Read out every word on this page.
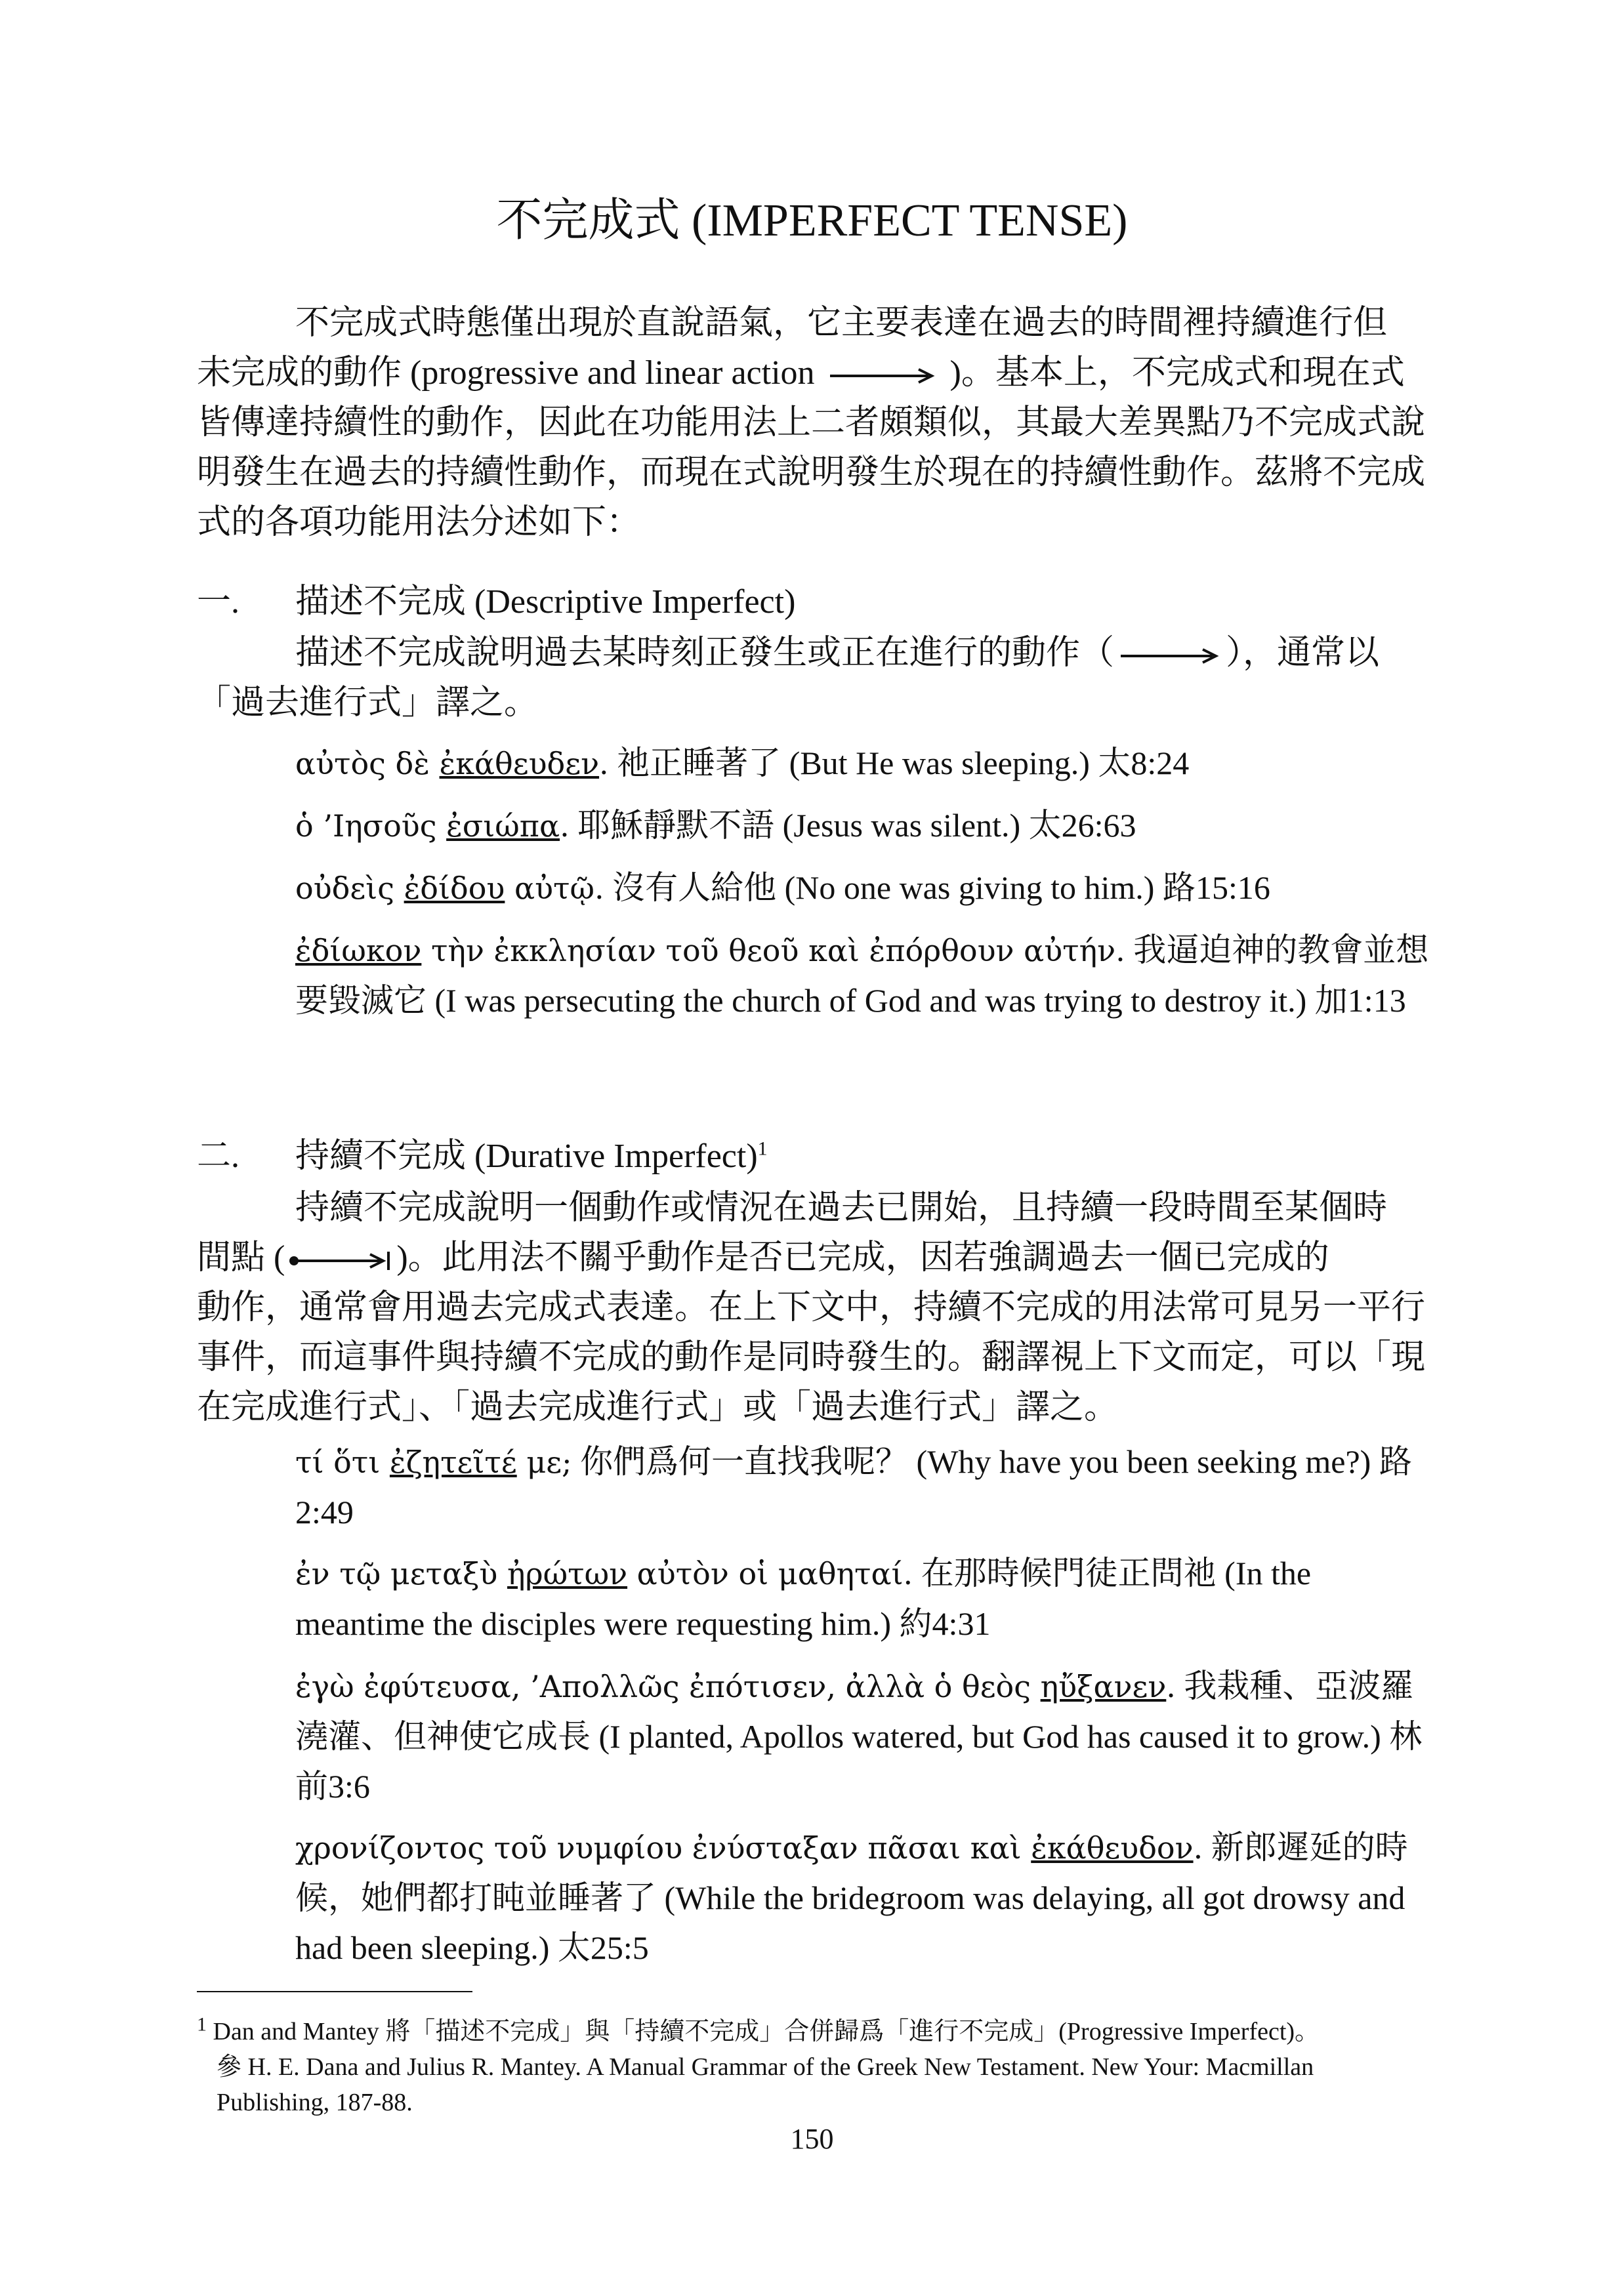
不完成式 (IMPERFECT TENSE)
不完成式時態僅出現於直說語氣，它主要表達在過去的時間裡持續進行但
未完成的動作 (progressive and linear action	)。基本上，不完成式和現在式
皆傳達持續性的動作，因此在功能用法上二者頗類似，其最大差異點乃不完成式說明發生在過去的持續性動作，而現在式說明發生於現在的持續性動作。茲將不完成式的各項功能用法分述如下：
一. 描述不完成 (Descriptive Imperfect)
描述不完成說明過去某時刻正發生或正在進行的動作（	），通常以
「過去進行式」譯之。
αὐτὸς δὲ ἐκάθευδεν. 祂正睡著了 (But He was sleeping.) 太8:24
ὁ ’Ιησοῦς ἐσιώπα. 耶穌靜默不語 (Jesus was silent.) 太26:63
οὐδεὶς ἐδίδου αὐτῷ. 沒有人給他 (No one was giving to him.) 路15:16
ἐδίωκον τὴν ἐκκλησίαν τοῦ θεοῦ καὶ ἐπόρθουν αὐτήν. 我逼迫神的教會並想要毀滅它 (I was persecuting the church of God and was trying to destroy it.) 加1:13
二. 持續不完成 (Durative Imperfect)$^1$
持續不完成說明一個動作或情況在過去已開始，且持續一段時間至某個時
間點 (	)。此用法不關乎動作是否已完成，因若強調過去一個已完成的
動作，通常會用過去完成式表達。在上下文中，持續不完成的用法常可見另一平行事件，而這事件與持續不完成的動作是同時發生的。翻譯視上下文而定，可以「現在完成進行式」、「過去完成進行式」或「過去進行式」譯之。
τί ὅτι ἐζητεῖτέ με; 你們爲何一直找我呢？ (Why have you been seeking me?) 路2:49
ἐν τῷ μεταξὺ ἠρώτων αὐτὸν οἱ μαθηταί. 在那時候門徒正問祂 (In the meantime the disciples were requesting him.) 約4:31
ἐγὼ ἐφύτευσα, ’Απολλῶς ἐπότισεν, ἀλλὰ ὁ θεὸς ηὔξανεν. 我栽種、亞波羅澆灌、但神使它成長 (I planted, Apollos watered, but God has caused it to grow.) 林前3:6
χρονίζοντος τοῦ νυμφίου ἐνύσταξαν πᾶσαι καὶ ἐκάθευδον. 新郎遲延的時候，她們都打盹並睡著了 (While the bridegroom was delaying, all got drowsy and had been sleeping.) 太25:5
$^1$ Dan and Mantey 將「描述不完成」與「持續不完成」合併歸爲「進行不完成」(Progressive Imperfect)。
參 H. E. Dana and Julius R. Mantey. A Manual Grammar of the Greek New Testament. New Your: Macmillan
Publishing, 187-88.
150
